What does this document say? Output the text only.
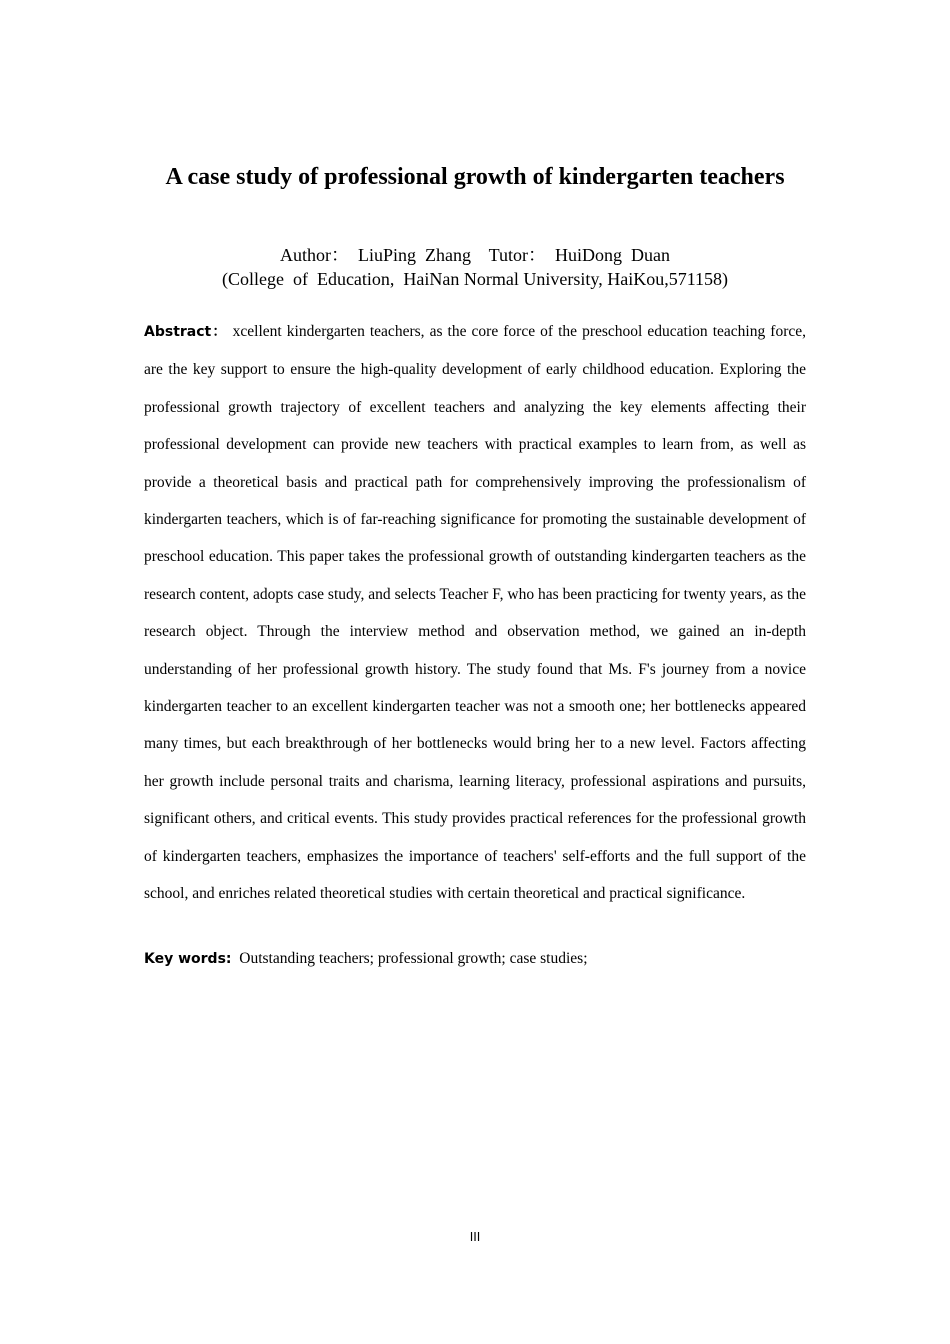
A case study of professional growth of kindergarten teachers
Author：  LiuPing  Zhang    Tutor：  HuiDong  Duan
(College  of  Education,  HaiNan Normal University, HaiKou,571158)

Abstract： xcellent kindergarten teachers, as the core force of the preschool education teaching force, are the key support to ensure the high-quality development of early childhood education. Exploring the professional growth trajectory of excellent teachers and analyzing the key elements affecting their professional development can provide new teachers with practical examples to learn from, as well as provide a theoretical basis and practical path for comprehensively improving the professionalism of kindergarten teachers, which is of far-reaching significance for promoting the sustainable development of preschool education. This paper takes the professional growth of outstanding kindergarten teachers as the research content, adopts case study, and selects Teacher F, who has been practicing for twenty years, as the research object. Through the interview method and observation method, we gained an in-depth understanding of her professional growth history. The study found that Ms. F's journey from a novice kindergarten teacher to an excellent kindergarten teacher was not a smooth one; her bottlenecks appeared many times, but each breakthrough of her bottlenecks would bring her to a new level. Factors affecting her growth include personal traits and charisma, learning literacy, professional aspirations and pursuits, significant others, and critical events. This study provides practical references for the professional growth of kindergarten teachers, emphasizes the importance of teachers' self-efforts and the full support of the school, and enriches related theoretical studies with certain theoretical and practical significance.

Key words: Outstanding teachers; professional growth; case studies;

III
